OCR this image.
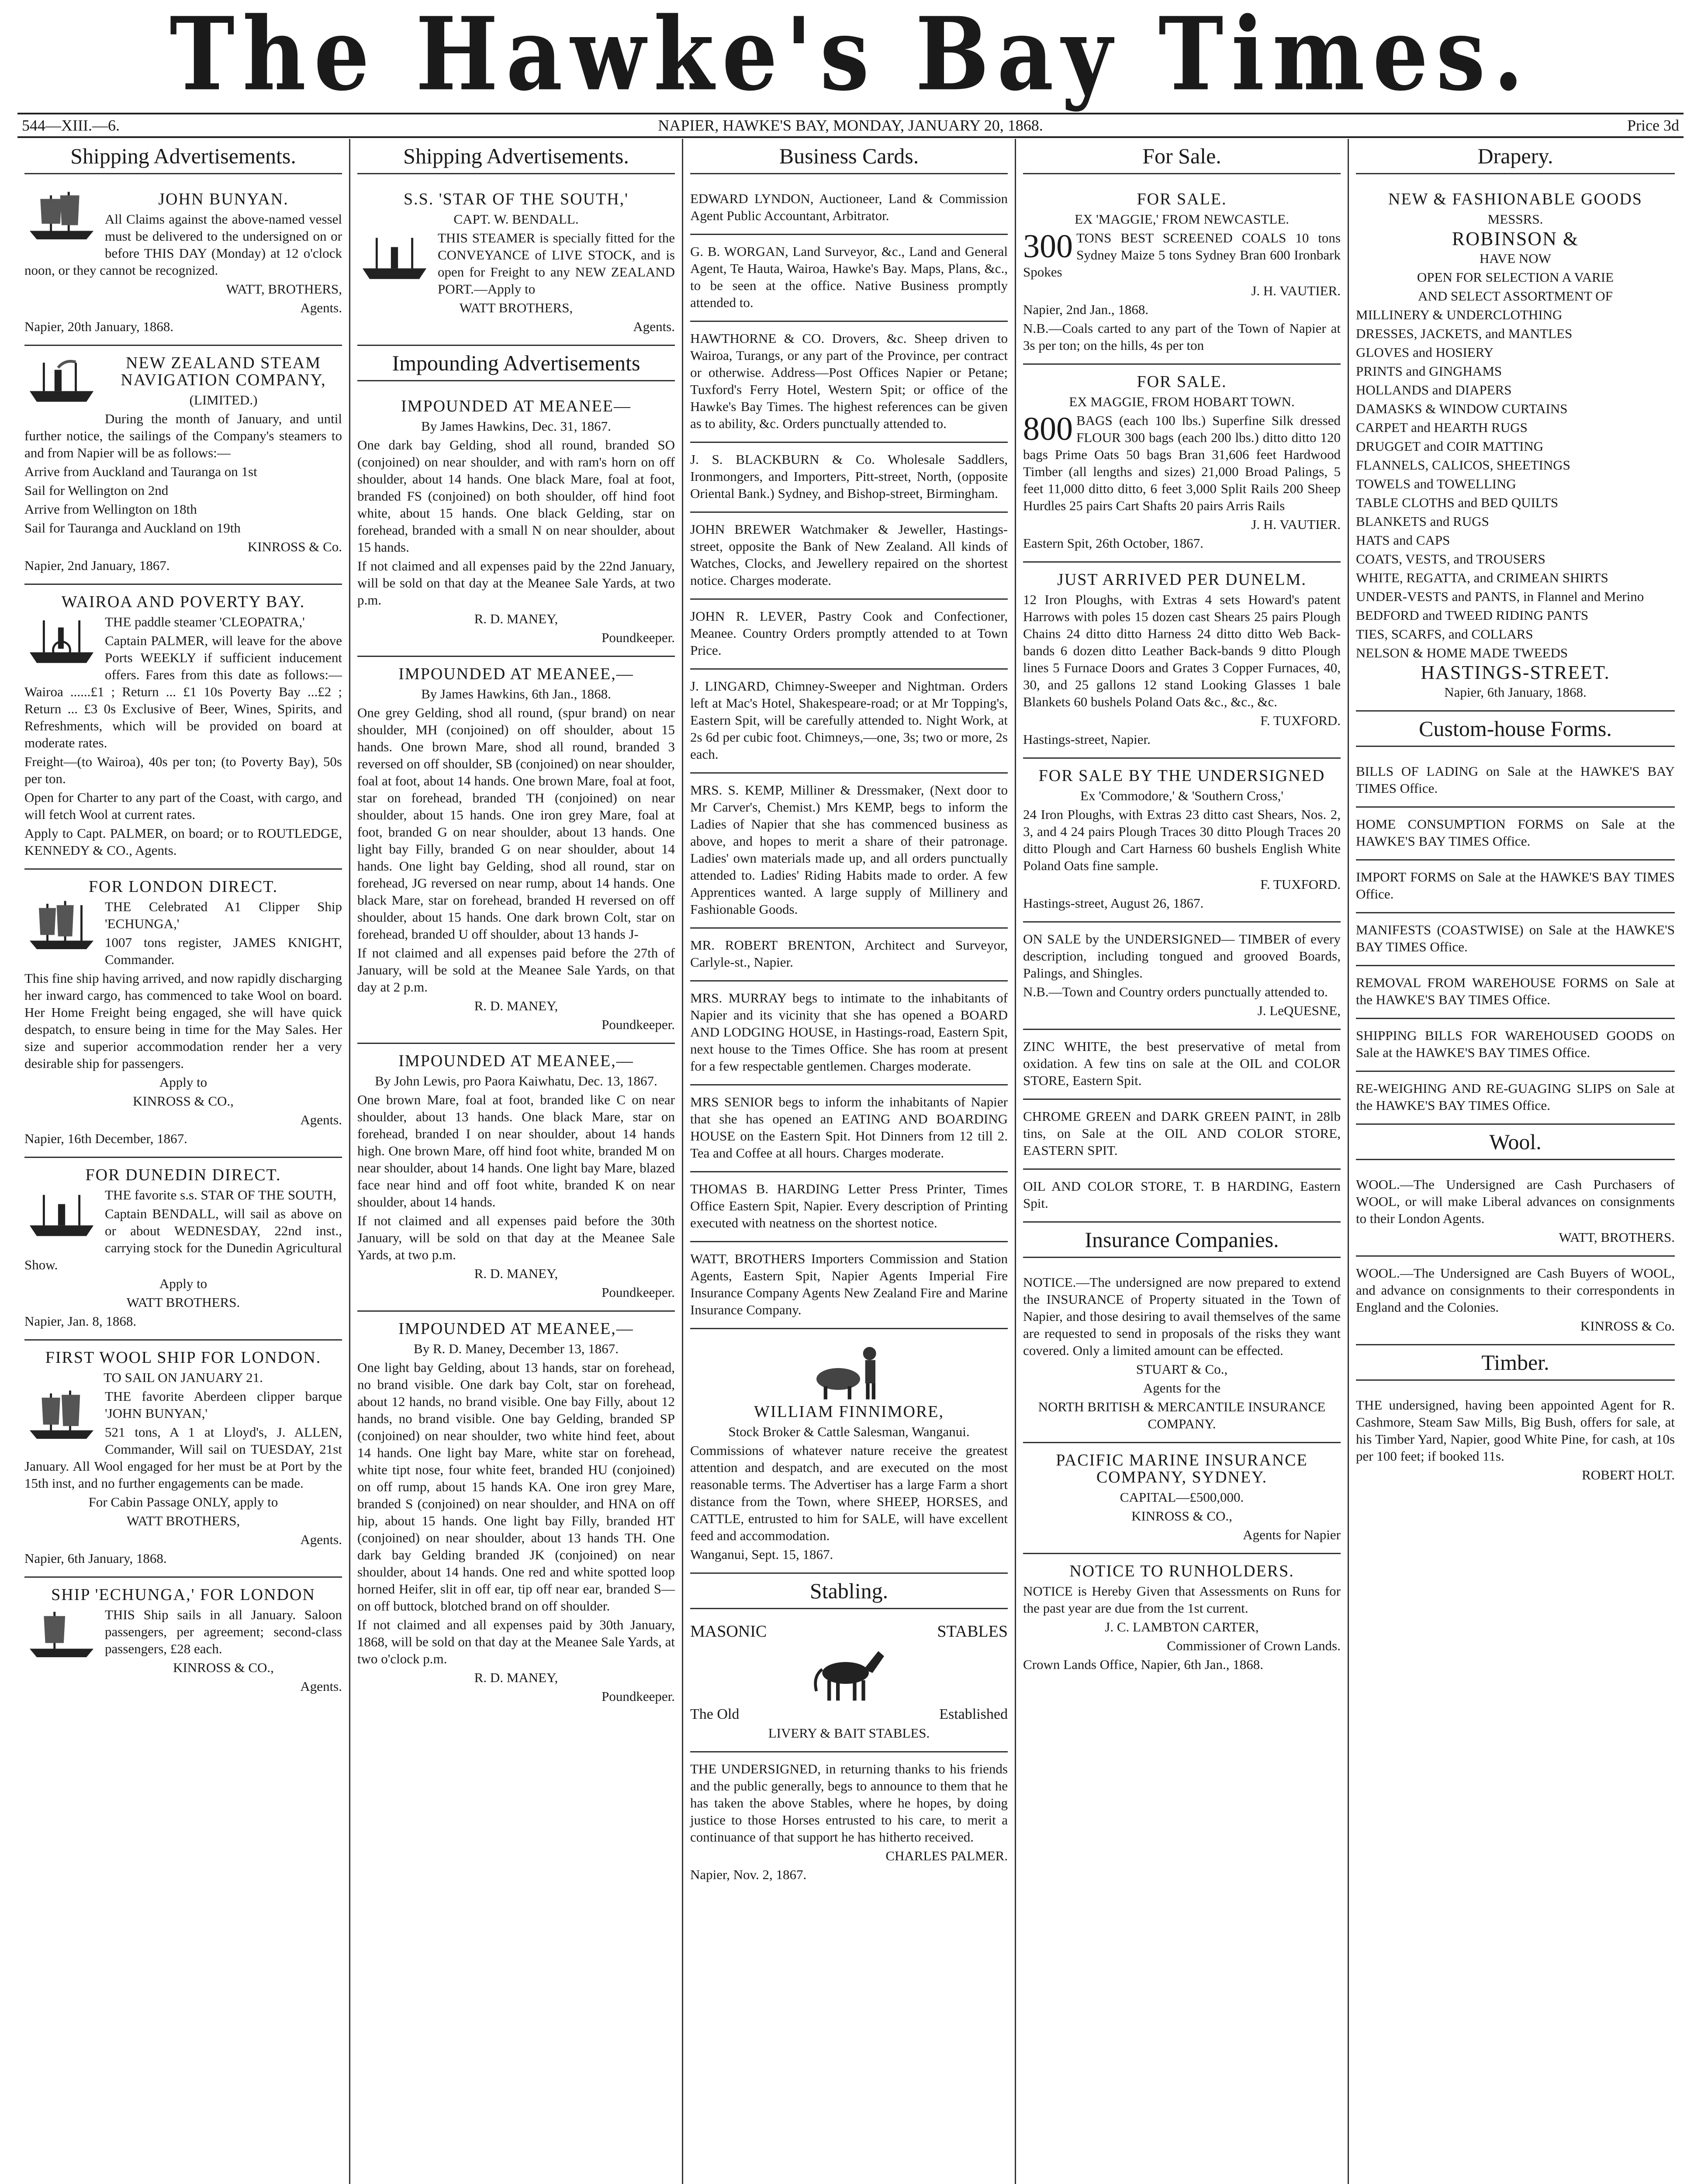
The Hawke's Bay Times.
544—XIII.—6.	NAPIER, HAWKE'S BAY, MONDAY, JANUARY 20, 1868.	Price 3d
Shipping Advertisements.
JOHN BUNYAN.

All Claims against the above-named vessel must be delivered to the undersigned on or before THIS DAY (Monday) at 12 o'clock noon, or they cannot be recognized.

WATT, BROTHERS,

Agents.

Napier, 20th January, 1868.

NEW ZEALAND STEAM NAVIGATION COMPANY,

(LIMITED.)

During the month of January, and until further notice, the sailings of the Company's steamers to and from Napier will be as follows:—

Arrive from Auckland and Tauranga on 1st

Sail for Wellington on 2nd

Arrive from Wellington on 18th

Sail for Tauranga and Auckland on 19th

KINROSS & Co.

Napier, 2nd January, 1867.

WAIROA AND POVERTY BAY.

THE paddle steamer 'CLEOPATRA,'

Captain PALMER, will leave for the above Ports WEEKLY if sufficient inducement offers. Fares from this date as follows:— Wairoa ......£1 ; Return ... £1 10s Poverty Bay ...£2 ; Return ... £3 0s Exclusive of Beer, Wines, Spirits, and Refreshments, which will be provided on board at moderate rates.

Freight—(to Wairoa), 40s per ton; (to Poverty Bay), 50s per ton.

Open for Charter to any part of the Coast, with cargo, and will fetch Wool at current rates.

Apply to Capt. PALMER, on board; or to ROUTLEDGE, KENNEDY & CO., Agents.

FOR LONDON DIRECT.

THE Celebrated A1 Clipper Ship 'ECHUNGA,'

1007 tons register, JAMES KNIGHT, Commander.

This fine ship having arrived, and now rapidly discharging her inward cargo, has commenced to take Wool on board. Her Home Freight being engaged, she will have quick despatch, to ensure being in time for the May Sales. Her size and superior accommodation render her a very desirable ship for passengers.

Apply to

KINROSS & CO.,

Agents.

Napier, 16th December, 1867.

FOR DUNEDIN DIRECT.

THE favorite s.s. STAR OF THE SOUTH,

Captain BENDALL, will sail as above on or about WEDNESDAY, 22nd inst., carrying stock for the Dunedin Agricultural Show.

Apply to

WATT BROTHERS.

Napier, Jan. 8, 1868.

FIRST WOOL SHIP FOR LONDON.

TO SAIL ON JANUARY 21.

THE favorite Aberdeen clipper barque 'JOHN BUNYAN,'

521 tons, A 1 at Lloyd's, J. ALLEN, Commander, Will sail on TUESDAY, 21st January. All Wool engaged for her must be at Port by the 15th inst, and no further engagements can be made.

For Cabin Passage ONLY, apply to

WATT BROTHERS,

Agents.

Napier, 6th January, 1868.

SHIP 'ECHUNGA,' FOR LONDON

THIS Ship sails in all January. Saloon passengers, per agreement; second-class passengers, £28 each.

KINROSS & CO.,

Agents.

Shipping Advertisements.
S.S. 'STAR OF THE SOUTH,'

CAPT. W. BENDALL.

THIS STEAMER is specially fitted for the CONVEYANCE of LIVE STOCK, and is open for Freight to any NEW ZEALAND PORT.—Apply to

WATT BROTHERS,

Agents.

Impounding Advertisements
IMPOUNDED AT MEANEE—

By James Hawkins, Dec. 31, 1867.

One dark bay Gelding, shod all round, branded SO (conjoined) on near shoulder, and with ram's horn on off shoulder, about 14 hands. One black Mare, foal at foot, branded FS (conjoined) on both shoulder, off hind foot white, about 15 hands. One black Gelding, star on forehead, branded with a small N on near shoulder, about 15 hands.

If not claimed and all expenses paid by the 22nd January, will be sold on that day at the Meanee Sale Yards, at two p.m.

R. D. MANEY,

Poundkeeper.

IMPOUNDED AT MEANEE,—

By James Hawkins, 6th Jan., 1868.

One grey Gelding, shod all round, (spur brand) on near shoulder, MH (conjoined) on off shoulder, about 15 hands. One brown Mare, shod all round, branded 3 reversed on off shoulder, SB (conjoined) on near shoulder, foal at foot, about 14 hands. One brown Mare, foal at foot, star on forehead, branded TH (conjoined) on near shoulder, about 15 hands. One iron grey Mare, foal at foot, branded G on near shoulder, about 13 hands. One light bay Filly, branded G on near shoulder, about 14 hands. One light bay Gelding, shod all round, star on forehead, JG reversed on near rump, about 14 hands. One black Mare, star on forehead, branded H reversed on off shoulder, about 15 hands. One dark brown Colt, star on forehead, branded U off shoulder, about 13 hands J-

If not claimed and all expenses paid before the 27th of January, will be sold at the Meanee Sale Yards, on that day at 2 p.m.

R. D. MANEY,

Poundkeeper.

IMPOUNDED AT MEANEE,—

By John Lewis, pro Paora Kaiwhatu, Dec. 13, 1867.

One brown Mare, foal at foot, branded like C on near shoulder, about 13 hands. One black Mare, star on forehead, branded I on near shoulder, about 14 hands high. One brown Mare, off hind foot white, branded M on near shoulder, about 14 hands. One light bay Mare, blazed face near hind and off foot white, branded K on near shoulder, about 14 hands.

If not claimed and all expenses paid before the 30th January, will be sold on that day at the Meanee Sale Yards, at two p.m.

R. D. MANEY,

Poundkeeper.

IMPOUNDED AT MEANEE,—

By R. D. Maney, December 13, 1867.

One light bay Gelding, about 13 hands, star on forehead, no brand visible. One dark bay Colt, star on forehead, about 12 hands, no brand visible. One bay Filly, about 12 hands, no brand visible. One bay Gelding, branded SP (conjoined) on near shoulder, two white hind feet, about 14 hands. One light bay Mare, white star on forehead, white tipt nose, four white feet, branded HU (conjoined) on off rump, about 15 hands KA. One iron grey Mare, branded S (conjoined) on near shoulder, and HNA on off hip, about 15 hands. One light bay Filly, branded HT (conjoined) on near shoulder, about 13 hands TH. One dark bay Gelding branded JK (conjoined) on near shoulder, about 14 hands. One red and white spotted loop horned Heifer, slit in off ear, tip off near ear, branded S— on off buttock, blotched brand on off shoulder.

If not claimed and all expenses paid by 30th January, 1868, will be sold on that day at the Meanee Sale Yards, at two o'clock p.m.

R. D. MANEY,

Poundkeeper.

Business Cards.

EDWARD LYNDON, Auctioneer, Land & Commission Agent Public Accountant, Arbitrator.

G. B. WORGAN, Land Surveyor, &c., Land and General Agent, Te Hauta, Wairoa, Hawke's Bay. Maps, Plans, &c., to be seen at the office. Native Business promptly attended to.

HAWTHORNE & CO. Drovers, &c. Sheep driven to Wairoa, Turangs, or any part of the Province, per contract or otherwise. Address—Post Offices Napier or Petane; Tuxford's Ferry Hotel, Western Spit; or office of the Hawke's Bay Times. The highest references can be given as to ability, &c. Orders punctually attended to.

J. S. BLACKBURN & Co. Wholesale Saddlers, Ironmongers, and Importers, Pitt-street, North, (opposite Oriental Bank.) Sydney, and Bishop-street, Birmingham.

JOHN BREWER Watchmaker & Jeweller, Hastings-street, opposite the Bank of New Zealand. All kinds of Watches, Clocks, and Jewellery repaired on the shortest notice. Charges moderate.

JOHN R. LEVER, Pastry Cook and Confectioner, Meanee. Country Orders promptly attended to at Town Price.

J. LINGARD, Chimney-Sweeper and Nightman. Orders left at Mac's Hotel, Shakespeare-road; or at Mr Topping's, Eastern Spit, will be carefully attended to. Night Work, at 2s 6d per cubic foot. Chimneys,—one, 3s; two or more, 2s each.

MRS. S. KEMP, Milliner & Dressmaker, (Next door to Mr Carver's, Chemist.) Mrs KEMP, begs to inform the Ladies of Napier that she has commenced business as above, and hopes to merit a share of their patronage. Ladies' own materials made up, and all orders punctually attended to. Ladies' Riding Habits made to order. A few Apprentices wanted. A large supply of Millinery and Fashionable Goods.

MR. ROBERT BRENTON, Architect and Surveyor, Carlyle-st., Napier.

MRS. MURRAY begs to intimate to the inhabitants of Napier and its vicinity that she has opened a BOARD AND LODGING HOUSE, in Hastings-road, Eastern Spit, next house to the Times Office. She has room at present for a few respectable gentlemen. Charges moderate.

MRS SENIOR begs to inform the inhabitants of Napier that she has opened an EATING AND BOARDING HOUSE on the Eastern Spit. Hot Dinners from 12 till 2. Tea and Coffee at all hours. Charges moderate.

THOMAS B. HARDING Letter Press Printer, Times Office Eastern Spit, Napier. Every description of Printing executed with neatness on the shortest notice.

WATT, BROTHERS Importers Commission and Station Agents, Eastern Spit, Napier Agents Imperial Fire Insurance Company Agents New Zealand Fire and Marine Insurance Company.

WILLIAM FINNIMORE,

Stock Broker & Cattle Salesman, Wanganui.

Commissions of whatever nature receive the greatest attention and despatch, and are executed on the most reasonable terms. The Advertiser has a large Farm a short distance from the Town, where SHEEP, HORSES, and CATTLE, entrusted to him for SALE, will have excellent feed and accommodation.

Wanganui, Sept. 15, 1867.

Stabling.
MASONIC	STABLES
The Old	Established

LIVERY & BAIT STABLES.

THE UNDERSIGNED, in returning thanks to his friends and the public generally, begs to announce to them that he has taken the above Stables, where he hopes, by doing justice to those Horses entrusted to his care, to merit a continuance of that support he has hitherto received.

CHARLES PALMER.

Napier, Nov. 2, 1867.

For Sale.
FOR SALE.

EX 'MAGGIE,' FROM NEWCASTLE.

300 TONS BEST SCREENED COALS 10 tons Sydney Maize 5 tons Sydney Bran 600 Ironbark Spokes

J. H. VAUTIER.

Napier, 2nd Jan., 1868.

N.B.—Coals carted to any part of the Town of Napier at 3s per ton; on the hills, 4s per ton

FOR SALE.

EX MAGGIE, FROM HOBART TOWN.

800 BAGS (each 100 lbs.) Superfine Silk dressed FLOUR 300 bags (each 200 lbs.) ditto ditto 120 bags Prime Oats 50 bags Bran 31,606 feet Hardwood Timber (all lengths and sizes) 21,000 Broad Palings, 5 feet 11,000 ditto ditto, 6 feet 3,000 Split Rails 200 Sheep Hurdles 25 pairs Cart Shafts 20 pairs Arris Rails

J. H. VAUTIER.

Eastern Spit, 26th October, 1867.

JUST ARRIVED PER DUNELM.

12 Iron Ploughs, with Extras 4 sets Howard's patent Harrows with poles 15 dozen cast Shears 25 pairs Plough Chains 24 ditto ditto Harness 24 ditto ditto Web Back-bands 6 dozen ditto Leather Back-bands 9 ditto Plough lines 5 Furnace Doors and Grates 3 Copper Furnaces, 40, 30, and 25 gallons 12 stand Looking Glasses 1 bale Blankets 60 bushels Poland Oats &c., &c., &c.

F. TUXFORD.

Hastings-street, Napier.

FOR SALE BY THE UNDERSIGNED

Ex 'Commodore,' & 'Southern Cross,'

24 Iron Ploughs, with Extras 23 ditto cast Shears, Nos. 2, 3, and 4 24 pairs Plough Traces 30 ditto Plough Traces 20 ditto Plough and Cart Harness 60 bushels English White Poland Oats fine sample.

F. TUXFORD.

Hastings-street, August 26, 1867.

ON SALE by the UNDERSIGNED— TIMBER of every description, including tongued and grooved Boards, Palings, and Shingles.

N.B.—Town and Country orders punctually attended to.

J. LeQUESNE,

ZINC WHITE, the best preservative of metal from oxidation. A few tins on sale at the OIL and COLOR STORE, Eastern Spit.

CHROME GREEN and DARK GREEN PAINT, in 28lb tins, on Sale at the OIL AND COLOR STORE, EASTERN SPIT.

OIL AND COLOR STORE, T. B HARDING, Eastern Spit.

Insurance Companies.

NOTICE.—The undersigned are now prepared to extend the INSURANCE of Property situated in the Town of Napier, and those desiring to avail themselves of the same are requested to send in proposals of the risks they want covered. Only a limited amount can be effected.

STUART & Co.,

Agents for the

NORTH BRITISH & MERCANTILE INSURANCE COMPANY.

PACIFIC MARINE INSURANCE COMPANY, SYDNEY.

CAPITAL—£500,000.

KINROSS & CO.,

Agents for Napier

NOTICE TO RUNHOLDERS.

NOTICE is Hereby Given that Assessments on Runs for the past year are due from the 1st current.

J. C. LAMBTON CARTER,

Commissioner of Crown Lands.

Crown Lands Office, Napier, 6th Jan., 1868.

Drapery.
NEW & FASHIONABLE GOODS

MESSRS.

ROBINSON &

HAVE NOW

OPEN FOR SELECTION A VARIE

AND SELECT ASSORTMENT OF

MILLINERY & UNDERCLOTHING

DRESSES, JACKETS, and MANTLES

GLOVES and HOSIERY

PRINTS and GINGHAMS

HOLLANDS and DIAPERS

DAMASKS & WINDOW CURTAINS

CARPET and HEARTH RUGS

DRUGGET and COIR MATTING

FLANNELS, CALICOS, SHEETINGS

TOWELS and TOWELLING

TABLE CLOTHS and BED QUILTS

BLANKETS and RUGS

HATS and CAPS

COATS, VESTS, and TROUSERS

WHITE, REGATTA, and CRIMEAN SHIRTS

UNDER-VESTS and PANTS, in Flannel and Merino

BEDFORD and TWEED RIDING PANTS

TIES, SCARFS, and COLLARS

NELSON & HOME MADE TWEEDS

HASTINGS-STREET.

Napier, 6th January, 1868.

Custom-house Forms.

BILLS OF LADING on Sale at the HAWKE'S BAY TIMES Office.

HOME CONSUMPTION FORMS on Sale at the HAWKE'S BAY TIMES Office.

IMPORT FORMS on Sale at the HAWKE'S BAY TIMES Office.

MANIFESTS (COASTWISE) on Sale at the HAWKE'S BAY TIMES Office.

REMOVAL FROM WAREHOUSE FORMS on Sale at the HAWKE'S BAY TIMES Office.

SHIPPING BILLS FOR WAREHOUSED GOODS on Sale at the HAWKE'S BAY TIMES Office.

RE-WEIGHING AND RE-GUAGING SLIPS on Sale at the HAWKE'S BAY TIMES Office.

Wool.

WOOL.—The Undersigned are Cash Purchasers of WOOL, or will make Liberal advances on consignments to their London Agents.

WATT, BROTHERS.

WOOL.—The Undersigned are Cash Buyers of WOOL, and advance on consignments to their correspondents in England and the Colonies.

KINROSS & Co.

Timber.

THE undersigned, having been appointed Agent for R. Cashmore, Steam Saw Mills, Big Bush, offers for sale, at his Timber Yard, Napier, good White Pine, for cash, at 10s per 100 feet; if booked 11s.

ROBERT HOLT.
